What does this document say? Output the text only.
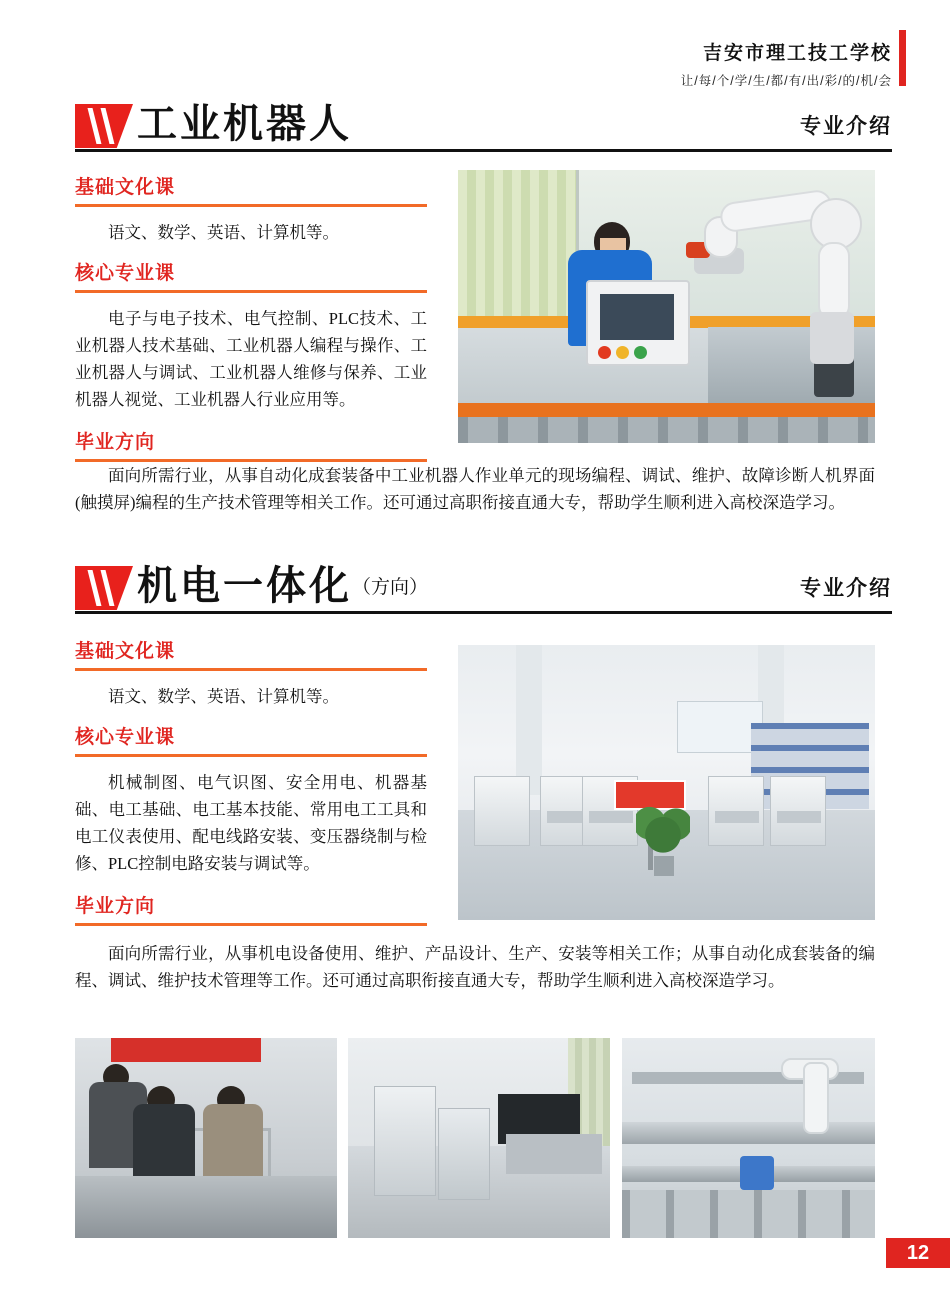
吉安市理工技工学校
让/每/个/学/生/都/有/出/彩/的/机/会
工业机器人	专业介绍
基础文化课
语文、数学、英语、计算机等。
核心专业课
电子与电子技术、电气控制、PLC技术、工业机器人技术基础、工业机器人编程与操作、工业机器人与调试、工业机器人维修与保养、工业机器人视觉、工业机器人行业应用等。
毕业方向
面向所需行业，从事自动化成套装备中工业机器人作业单元的现场编程、调试、维护、故障诊断人机界面(触摸屏)编程的生产技术管理等相关工作。还可通过高职衔接直通大专，帮助学生顺利进入高校深造学习。
机电一体化（方向）	专业介绍
基础文化课
语文、数学、英语、计算机等。
核心专业课
机械制图、电气识图、安全用电、机器基础、电工基础、电工基本技能、常用电工工具和电工仪表使用、配电线路安装、变压器绕制与检修、PLC控制电路安装与调试等。
毕业方向
面向所需行业，从事机电设备使用、维护、产品设计、生产、安装等相关工作；从事自动化成套装备的编程、调试、维护技术管理等工作。还可通过高职衔接直通大专，帮助学生顺利进入高校深造学习。
12
